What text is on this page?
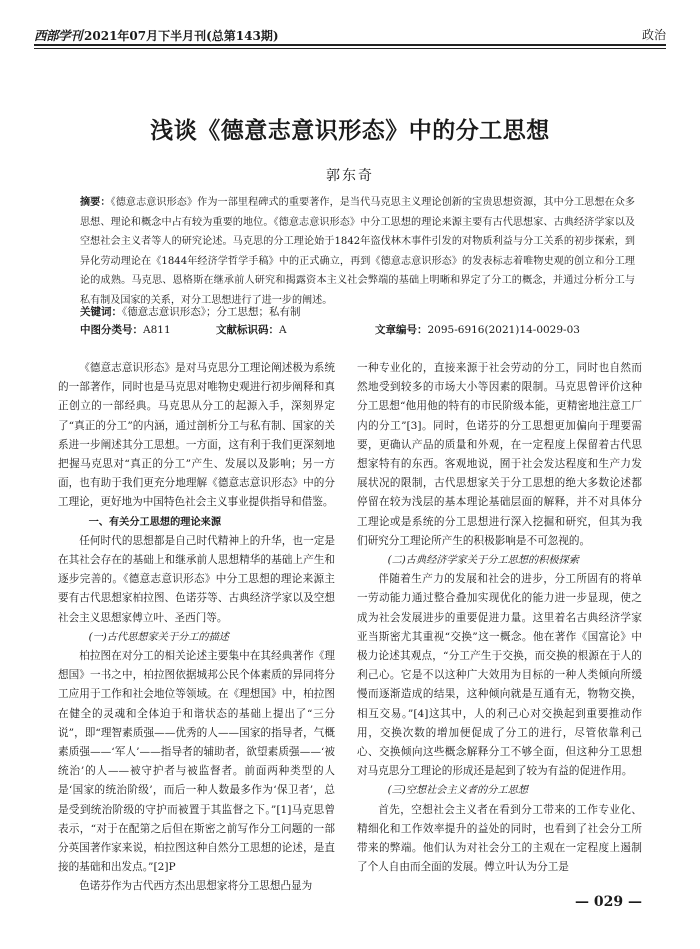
西部学刊 2021年07月下半月刊(总第143期)	政治
浅谈《德意志意识形态》中的分工思想
郭东奇
摘要：《德意志意识形态》作为一部里程碑式的重要著作，是当代马克思主义理论创新的宝贵思想资源，其中分工思想在众多思想、理论和概念中占有较为重要的地位。《德意志意识形态》中分工思想的理论来源主要有古代思想家、古典经济学家以及空想社会主义者等人的研究论述。马克思的分工理论始于1842年盗伐林木事件引发的对物质利益与分工关系的初步探索，到异化劳动理论在《1844年经济学哲学手稿》中的正式确立，再到《德意志意识形态》的发表标志着唯物史观的创立和分工理论的成熟。马克思、恩格斯在继承前人研究和揭露资本主义社会弊端的基础上明晰和界定了分工的概念，并通过分析分工与私有制及国家的关系，对分工思想进行了进一步的阐述。
关键词：《德意志意识形态》；分工思想；私有制
中图分类号：A811	文献标识码：A	文章编号：2095-6916(2021)14-0029-03

《德意志意识形态》是对马克思分工理论阐述极为系统的一部著作，同时也是马克思对唯物史观进行初步阐释和真正创立的一部经典。马克思从分工的起源入手，深刻界定了“真正的分工”的内涵，通过剖析分工与私有制、国家的关系进一步阐述其分工思想。一方面，这有利于我们更深刻地把握马克思对“真正的分工”产生、发展以及影响；另一方面，也有助于我们更充分地理解《德意志意识形态》中的分工理论，更好地为中国特色社会主义事业提供指导和借鉴。

一、有关分工思想的理论来源

任何时代的思想都是自己时代精神上的升华，也一定是在其社会存在的基础上和继承前人思想精华的基础上产生和逐步完善的。《德意志意识形态》中分工思想的理论来源主要有古代思想家柏拉图、色诺芬等、古典经济学家以及空想社会主义思想家傅立叶、圣西门等。

(一)古代思想家关于分工的描述

柏拉图在对分工的相关论述主要集中在其经典著作《理想国》一书之中，柏拉图依据城邦公民个体素质的异同将分工应用于工作和社会地位等领域。在《理想国》中，柏拉图在健全的灵魂和全体迫于和谐状态的基础上提出了“三分说”，即“理智素质强——优秀的人——国家的指导者，气概素质强——‘军人’——指导者的辅助者，欲望素质强——‘被统治’的人——被守护者与被监督者。前面两种类型的人是‘国家的统治阶级’，而后一种人数最多作为‘保卫者’，总是受到统治阶级的守护而被置于其监督之下。”[1]马克思曾表示，“对于在配第之后但在斯密之前写作分工问题的一部分英国著作家来说，柏拉图这种自然分工思想的论述，是直接的基础和出发点。”[2]P

色诺芬作为古代西方杰出思想家将分工思想凸显为

一种专业化的，直接来源于社会劳动的分工，同时也自然而然地受到较多的市场大小等因素的限制。马克思曾评价这种分工思想“他用他的特有的市民阶级本能，更精密地注意工厂内的分工”[3]。同时，色诺芬的分工思想更加偏向于理要需要，更确认产品的质量和外观，在一定程度上保留着古代思想家特有的东西。客观地说，囿于社会发达程度和生产力发展状况的限制，古代思想家关于分工思想的绝大多数论述都停留在较为浅层的基本理论基础层面的解释，并不对具体分工理论或是系统的分工思想进行深入挖掘和研究，但其为我们研究分工理论所产生的积极影响是不可忽视的。

(二)古典经济学家关于分工思想的积极探索

伴随着生产力的发展和社会的进步，分工所固有的将单一劳动能力通过整合叠加实现优化的能力进一步显现，使之成为社会发展进步的重要促进力量。这里着名古典经济学家亚当斯密尤其重视“交换”这一概念。他在著作《国富论》中极力论述其观点，“分工产生于交换，而交换的根源在于人的利己心。它是不以这种广大效用为目标的一种人类倾向所缓慢而逐渐造成的结果，这种倾向就是互通有无，物物交换，相互交易。”[4]这其中，人的利己心对交换起到重要推动作用，交换次数的增加便促成了分工的进行，尽管依靠利己心、交换倾向这些概念解释分工不够全面，但这种分工思想对马克思分工理论的形成还是起到了较为有益的促进作用。

(三)空想社会主义者的分工思想

首先，空想社会主义者在看到分工带来的工作专业化、精细化和工作效率提升的益处的同时，也看到了社会分工所带来的弊端。他们认为对社会分工的主观在一定程度上遏制了个人自由而全面的发展。傅立叶认为分工是

— 029 —
